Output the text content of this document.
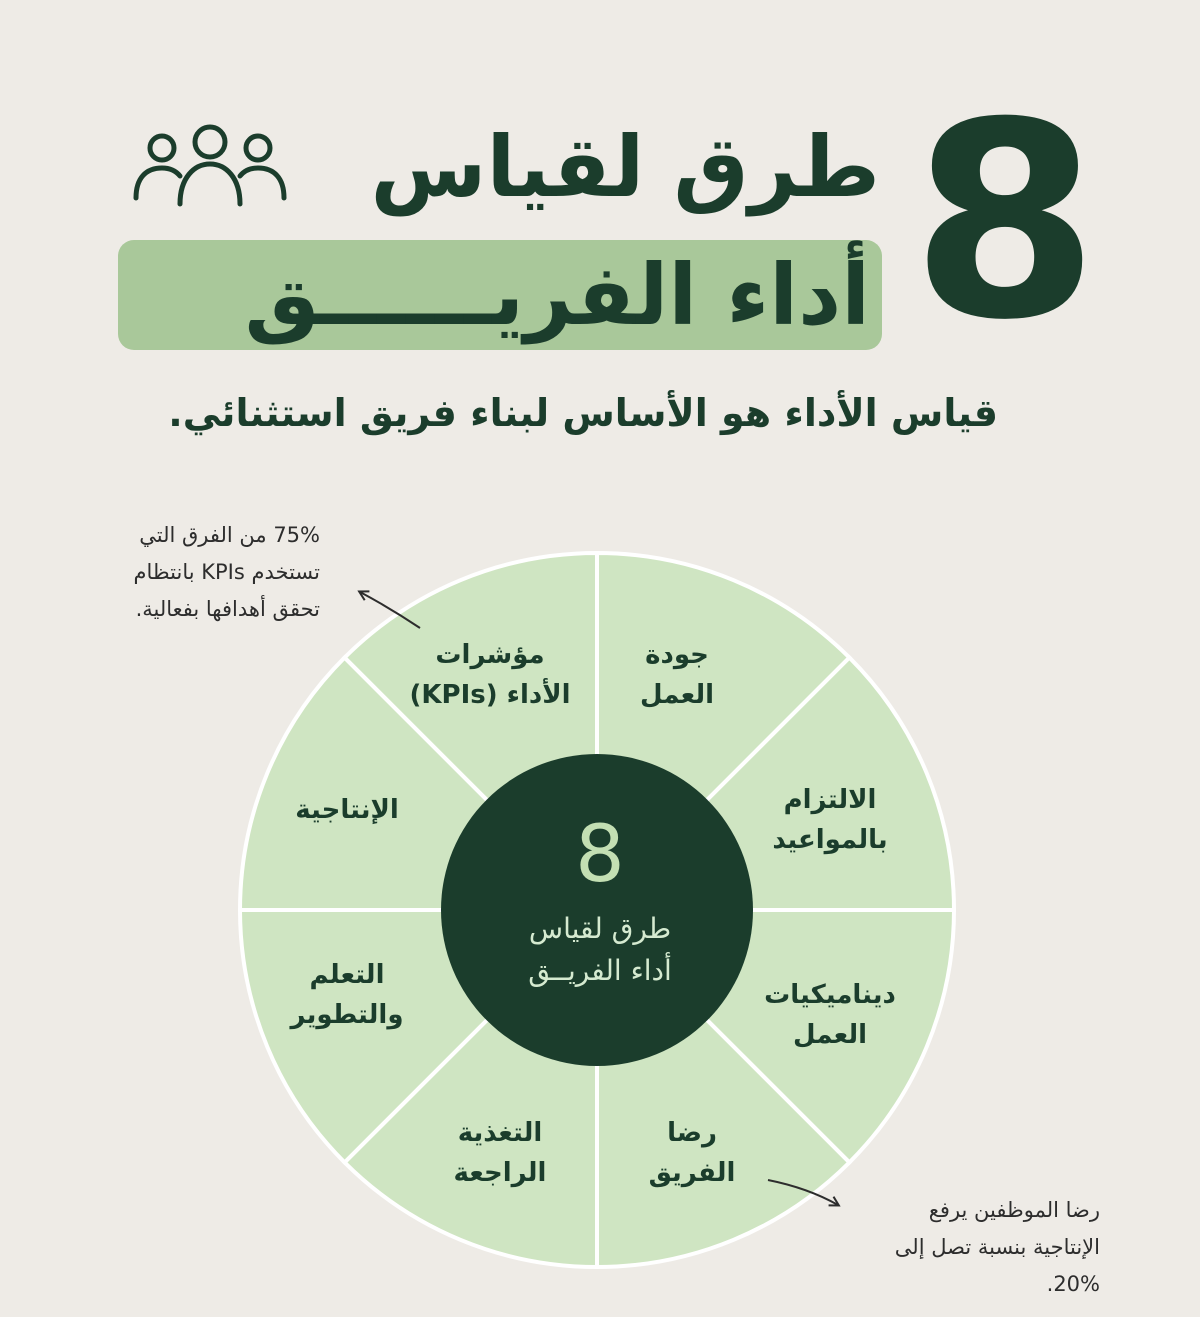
8
طرق لقياس
أداء الفريــــــق
قياس الأداء هو الأساس لبناء فريق استثنائي.
جودة
العمل
الالتزام
بالمواعيد
ديناميكيات
العمل
رضا
الفريق
التغذية
الراجعة
التعلم
والتطوير
الإنتاجية
مؤشرات
الأداء (KPIs)
8
طرق لقياس
أداء الفريــق
75% من الفرق التي
تستخدم KPIs بانتظام
تحقق أهدافها بفعالية.
رضا الموظفين يرفع
الإنتاجية بنسبة تصل إلى
20%.
